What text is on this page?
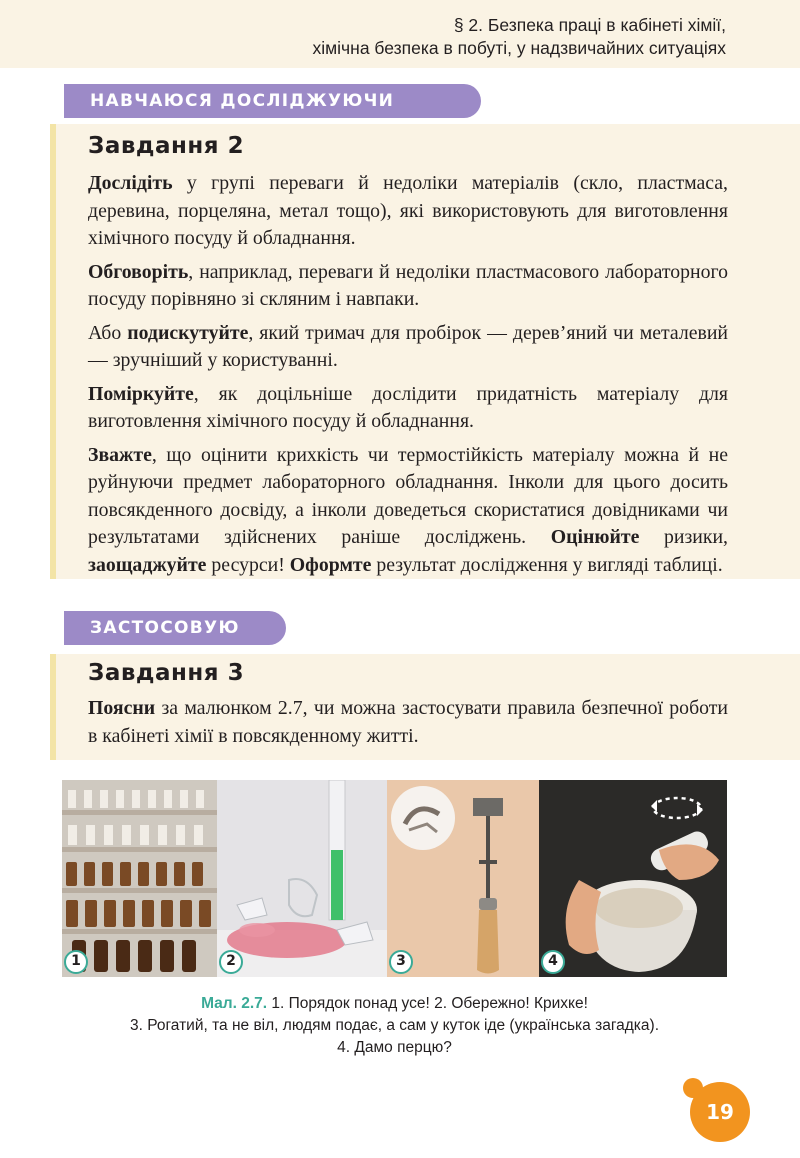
§ 2. Безпека праці в кабінеті хімії,
хімічна безпека в побуті, у надзвичайних ситуаціях
НАВЧАЮСЯ ДОСЛІДЖУЮЧИ
Завдання 2

Дослідіть у групі переваги й недоліки матеріалів (скло, пластмаса, деревина, порцеляна, метал тощо), які використовують для виготовлення хімічного посуду й обладнання.

Обговоріть, наприклад, переваги й недоліки пластмасового лабораторного посуду порівняно зі скляним і навпаки.

Або подискутуйте, який тримач для пробірок — дерев’яний чи металевий — зручніший у користуванні.

Поміркуйте, як доцільніше дослідити придатність матеріалу для виготовлення хімічного посуду й обладнання.

Зважте, що оцінити крихкість чи термостійкість матеріалу можна й не руйнуючи предмет лабораторного обладнання. Інколи для цього досить повсякденного досвіду, а інколи доведеться скористатися довідниками чи результатами здійснених раніше досліджень. Оцінюйте ризики, заощаджуйте ресурси! Оформте результат дослідження у вигляді таблиці.

ЗАСТОСОВУЮ
Завдання 3

Поясни за малюнком 2.7, чи можна застосувати правила безпечної роботи в кабінеті хімії в повсякденному житті.

1	2	3	4
Мал. 2.7. 1. Порядок понад усе! 2. Обережно! Крихке!
3. Рогатий, та не віл, людям подає, а сам у куток іде (українська загадка).
4. Дамо перцю?
19
